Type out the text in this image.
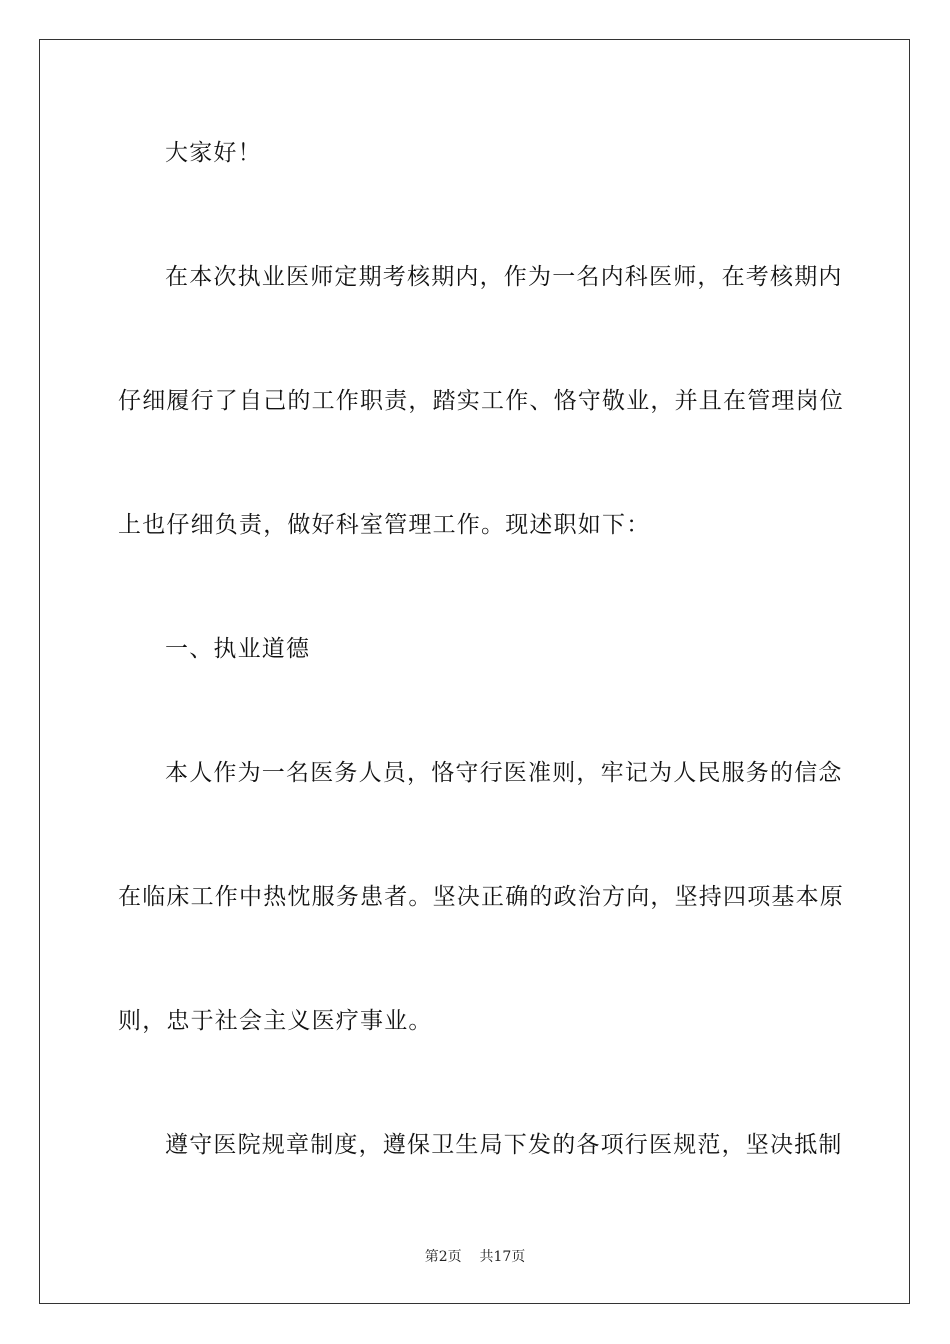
大家好！
在本次执业医师定期考核期内，作为一名内科医师，在考核期内
仔细履行了自己的工作职责，踏实工作、恪守敬业，并且在管理岗位
上也仔细负责，做好科室管理工作。现述职如下：
一、执业道德
本人作为一名医务人员，恪守行医准则，牢记为人民服务的信念
在临床工作中热忱服务患者。坚决正确的政治方向，坚持四项基本原
则，忠于社会主义医疗事业。
遵守医院规章制度，遵保卫生局下发的各项行医规范，坚决抵制
第2页 共17页
